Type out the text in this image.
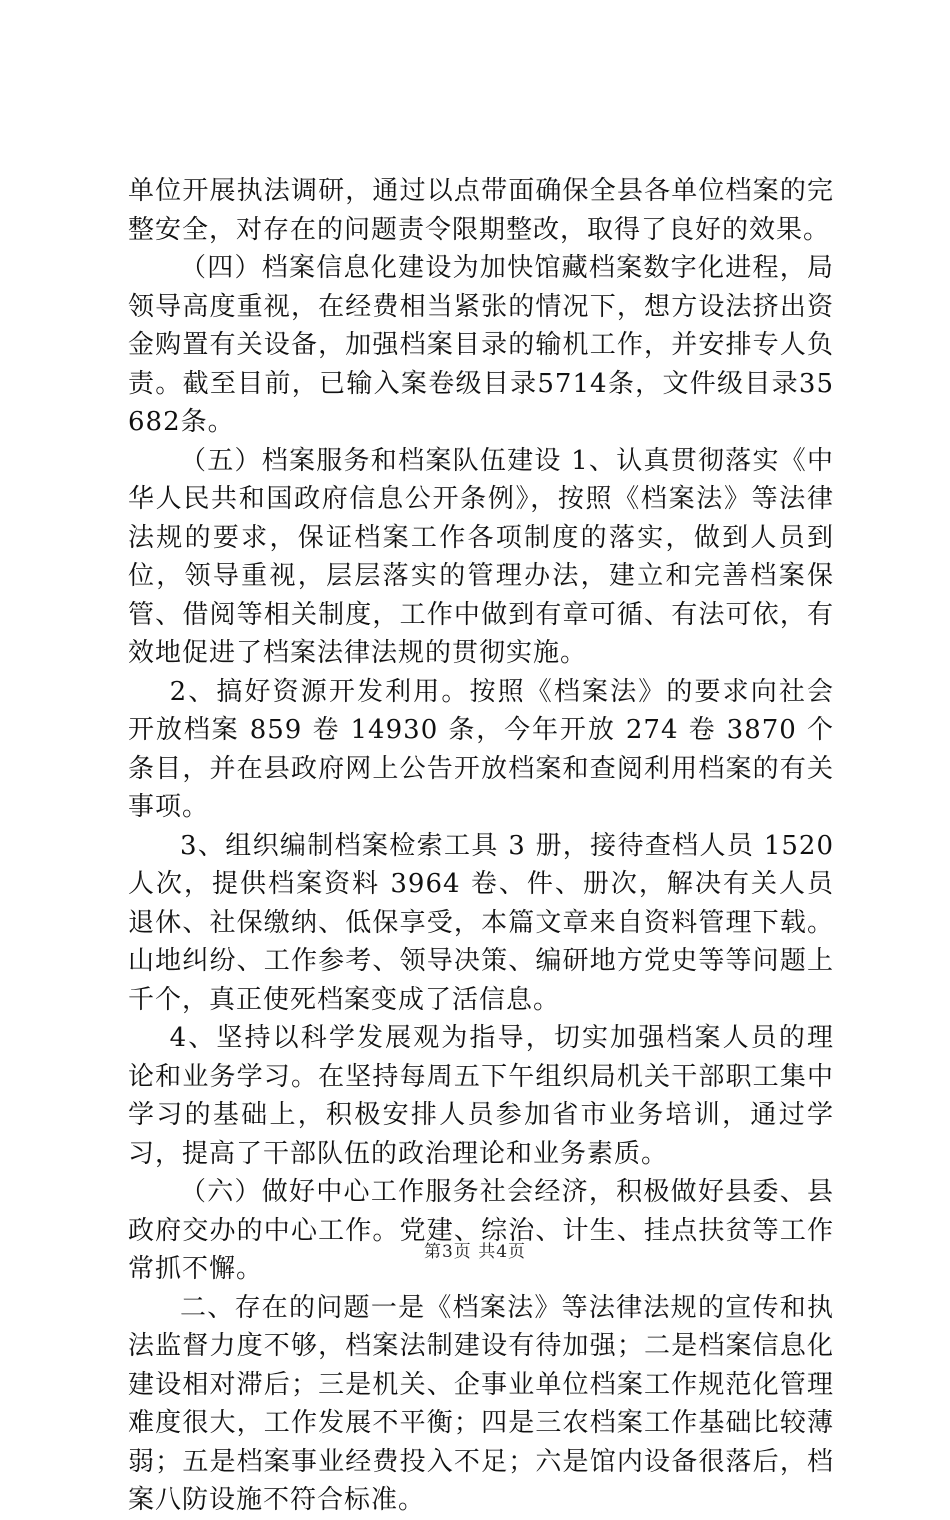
单位开展执法调研，通过以点带面确保全县各单位档案的完整安全，对存在的问题责令限期整改，取得了良好的效果。

（四）档案信息化建设为加快馆藏档案数字化进程，局领导高度重视，在经费相当紧张的情况下，想方设法挤出资金购置有关设备，加强档案目录的输机工作，并安排专人负责。截至目前，已输入案卷级目录5714条，文件级目录35682条。

（五）档案服务和档案队伍建设 1、认真贯彻落实《中华人民共和国政府信息公开条例》，按照《档案法》等法律法规的要求，保证档案工作各项制度的落实，做到人员到位，领导重视，层层落实的管理办法，建立和完善档案保管、借阅等相关制度，工作中做到有章可循、有法可依，有效地促进了档案法律法规的贯彻实施。

2、搞好资源开发利用。按照《档案法》的要求向社会开放档案 859 卷 14930 条，今年开放 274 卷 3870 个条目，并在县政府网上公告开放档案和查阅利用档案的有关事项。

3、组织编制档案检索工具 3 册，接待查档人员 1520 人次，提供档案资料 3964 卷、件、册次，解决有关人员退休、社保缴纳、低保享受，本篇文章来自资料管理下载。山地纠纷、工作参考、领导决策、编研地方党史等等问题上千个，真正使死档案变成了活信息。

4、坚持以科学发展观为指导，切实加强档案人员的理论和业务学习。在坚持每周五下午组织局机关干部职工集中学习的基础上，积极安排人员参加省市业务培训，通过学习，提高了干部队伍的政治理论和业务素质。

（六）做好中心工作服务社会经济，积极做好县委、县政府交办的中心工作。党建、综治、计生、挂点扶贫等工作常抓不懈。

二、存在的问题一是《档案法》等法律法规的宣传和执法监督力度不够，档案法制建设有待加强；二是档案信息化建设相对滞后；三是机关、企事业单位档案工作规范化管理难度很大，工作发展不平衡；四是三农档案工作基础比较薄弱；五是档案事业经费投入不足；六是馆内设备很落后，档案八防设施不符合标准。

第3页 共4页
